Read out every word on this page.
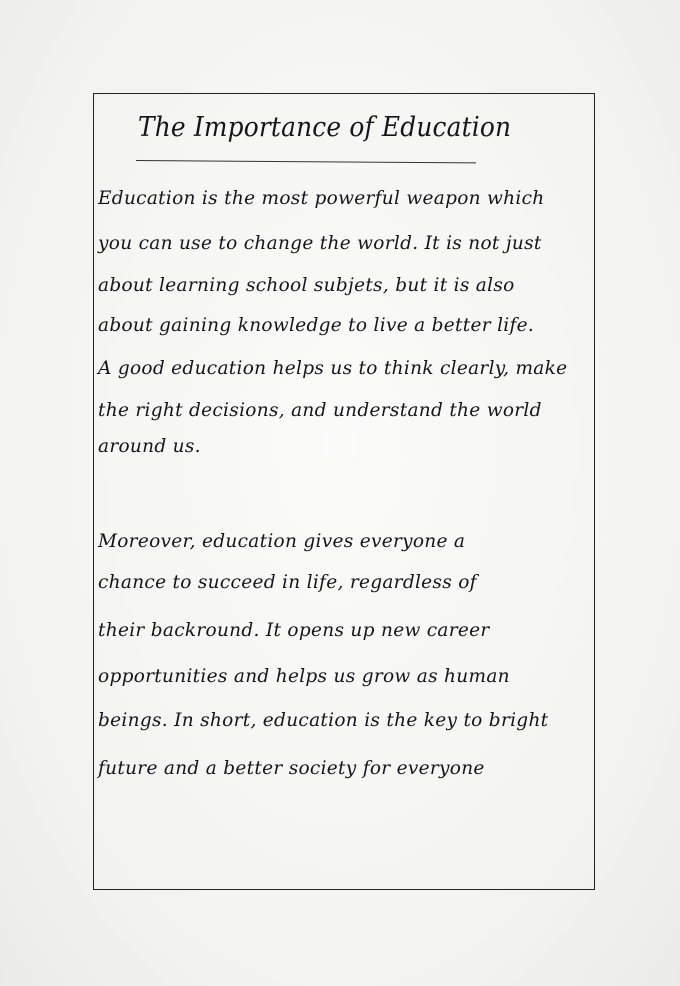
The Importance of Education
Education is the most powerful weapon which
you can use to change the world. It is not just
about learning school subjets, but it is also
about gaining knowledge to live a better life.
A good education helps us to think clearly, make
the right decisions, and understand the world
around us.
Moreover, education gives everyone a
chance to succeed in life, regardless of
their backround. It opens up new career
opportunities and helps us grow as human
beings. In short, education is the key to bright
future and a better society for everyone
